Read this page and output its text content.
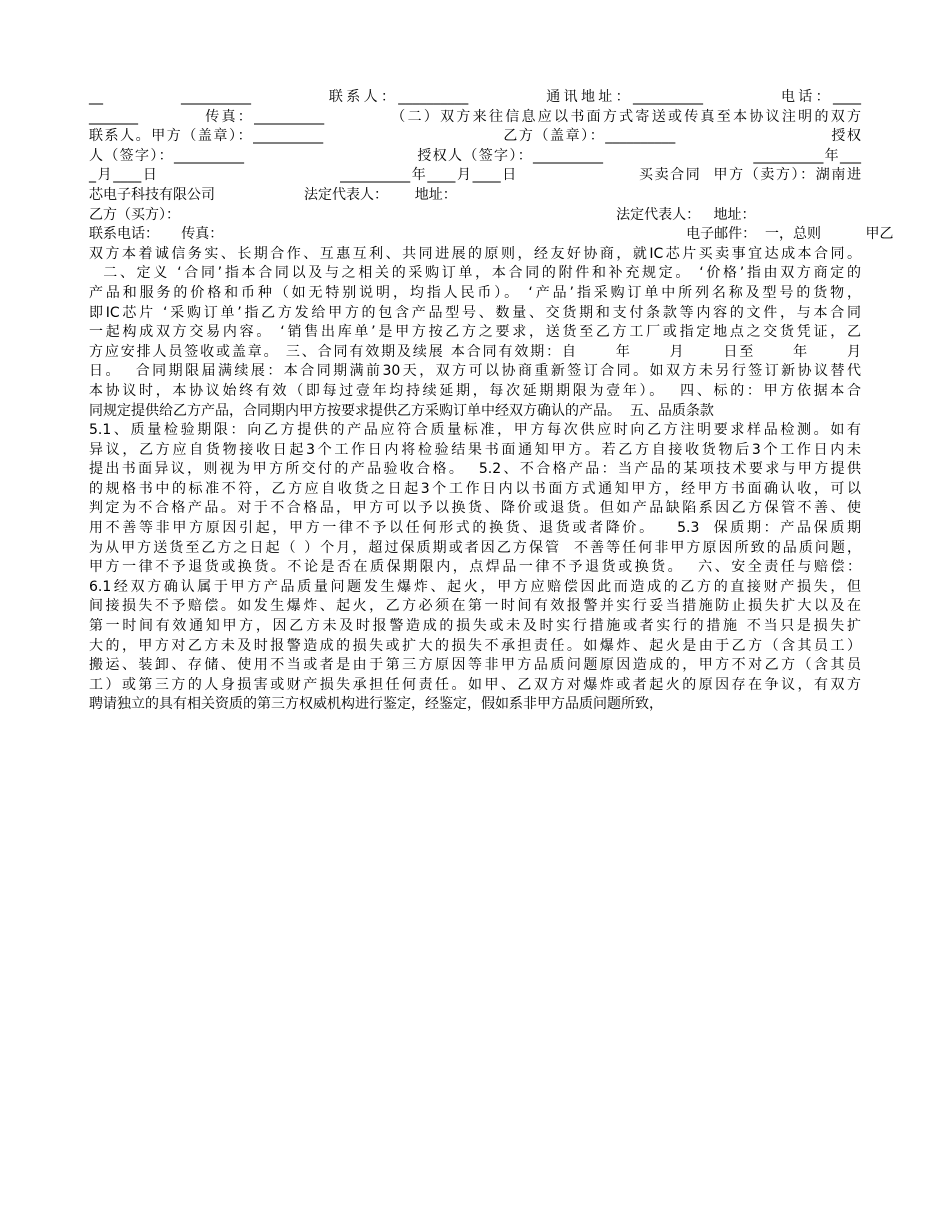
__          __________          联系人：__________          通讯地址：__________          电话：____
_______          传真：__________          （二）双方来往信息应以书面方式寄送或传真至本协议注明的双方
联系人。甲方（盖章）：__________                              乙方（盖章）：__________                          授权
人（签字）：__________                              授权人（签字）：__________                          __________年___
_月____日                              __________年____月____日                    买卖合同  甲方（卖方）：湖南进
芯电子科技有限公司                    法定代表人：      地址：
乙方（买方）：                                                                                                  法定代表人：   地址：
联系电话：     传真：                                                                                                        电子邮件：  一，总则          甲乙
双方本着诚信务实、长期合作、互惠互利、共同进展的原则，经友好协商，就IC芯片买卖事宜达成本合同。
二、定义 ‘合同’指本合同以及与之相关的采购订单，本合同的附件和补充规定。 ‘价格’指由双方商定的
产品和服务的价格和币种（如无特别说明，均指人民币）。 ‘产品’指采购订单中所列名称及型号的货物，
即IC芯片 ‘采购订单’指乙方发给甲方的包含产品型号、数量、交货期和支付条款等内容的文件，与本合同
一起构成双方交易内容。 ‘销售出库单’是甲方按乙方之要求，送货至乙方工厂或指定地点之交货凭证，乙
方应安排人员签收或盖章。 三、合同有效期及续展 本合同有效期：自      年      月      日至      年      月
日。  合同期限届满续展：本合同期满前30天，双方可以协商重新签订合同。如双方未另行签订新协议替代
本协议时，本协议始终有效（即每过壹年均持续延期，每次延期期限为壹年）。  四、标的：甲方依据本合
同规定提供给乙方产品，合同期内甲方按要求提供乙方采购订单中经双方确认的产品。  五、品质条款
5.1、质量检验期限：向乙方提供的产品应符合质量标准，甲方每次供应时向乙方注明要求样品检测。如有
异议，乙方应自货物接收日起3个工作日内将检验结果书面通知甲方。若乙方自接收货物后3个工作日内未
提出书面异议，则视为甲方所交付的产品验收合格。  5.2、不合格产品：当产品的某项技术要求与甲方提供
的规格书中的标准不符，乙方应自收货之日起3个工作日内以书面方式通知甲方，经甲方书面确认收，可以
判定为不合格产品。对于不合格品，甲方可以予以换货、降价或退货。但如产品缺陷系因乙方保管不善、使
用不善等非甲方原因引起，甲方一律不予以任何形式的换货、退货或者降价。   5.3  保质期：产品保质期
为从甲方送货至乙方之日起（ ）个月，超过保质期或者因乙方保管  不善等任何非甲方原因所致的品质问题，
甲方一律不予退货或换货。不论是否在质保期限内，点焊品一律不予退货或换货。  六、安全责任与赔偿：
6.1经双方确认属于甲方产品质量问题发生爆炸、起火，甲方应赔偿因此而造成的乙方的直接财产损失，但
间接损失不予赔偿。如发生爆炸、起火，乙方必须在第一时间有效报警并实行妥当措施防止损失扩大以及在
第一时间有效通知甲方，因乙方未及时报警造成的损失或未及时实行措施或者实行的措施 不当只是损失扩
大的，甲方对乙方未及时报警造成的损失或扩大的损失不承担责任。如爆炸、起火是由于乙方（含其员工）
搬运、装卸、存储、使用不当或者是由于第三方原因等非甲方品质问题原因造成的，甲方不对乙方（含其员
工）或第三方的人身损害或财产损失承担任何责任。如甲、乙双方对爆炸或者起火的原因存在争议，有双方
聘请独立的具有相关资质的第三方权威机构进行鉴定，经鉴定，假如系非甲方品质问题所致，
